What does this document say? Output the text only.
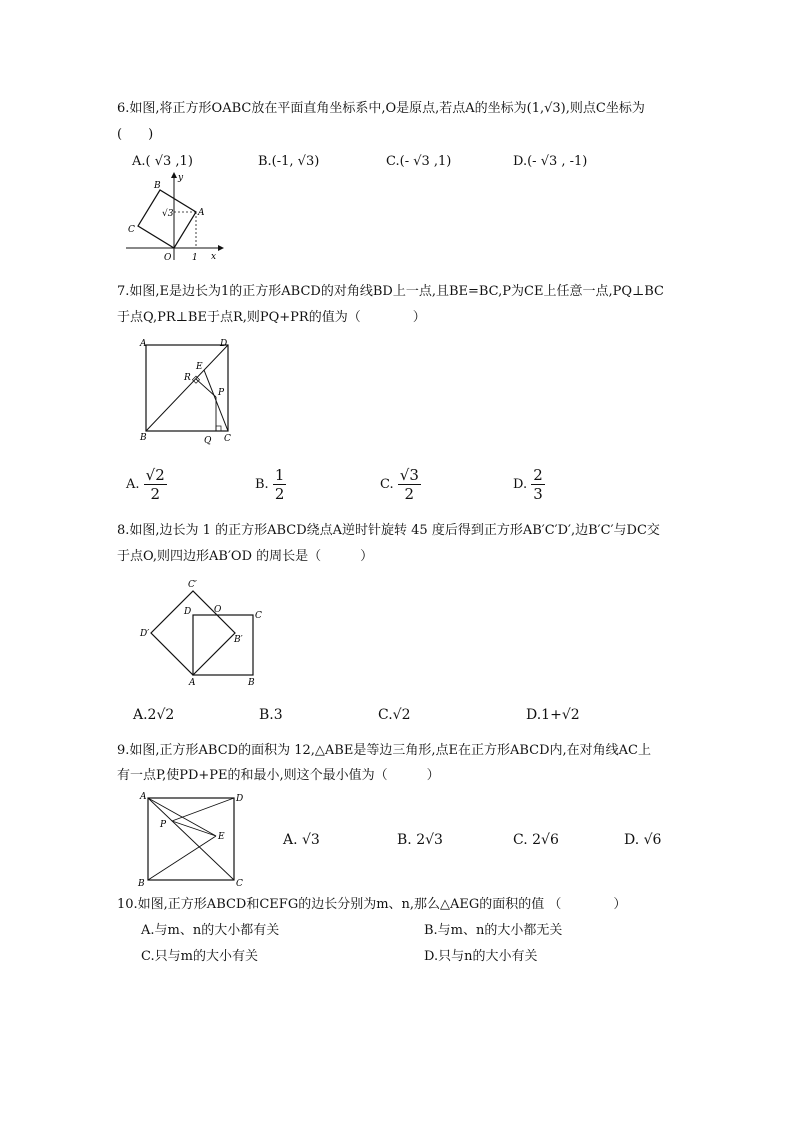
6.如图,将正方形OABC放在平面直角坐标系中,O是原点,若点A的坐标为(1,√3),则点C坐标为
(　　)
A.( √3 ,1)	B.(-1, √3)	C.(- √3 ,1)	D.(- √3 , -1)
B
A
C
O 1 x
y
√3
7.如图,E是边长为1的正方形ABCD的对角线BD上一点,且BE=BC,P为CE上任意一点,PQ⊥BC
于点Q,PR⊥BE于点R,则PQ+PR的值为（　　　　）
A	D
E
R
P
B	Q C
A. $\frac{√2}{2}$	B. $\frac{1}{2}$	C. $\frac{√3}{2}$	D. $\frac{2}{3}$
8.如图,边长为 1 的正方形ABCD绕点A逆时针旋转 45 度后得到正方形AB′C′D′,边B′C′与DC交
于点O,则四边形AB′OD 的周长是（　　　）
C′
D	O
C
D′
B′
A	B
A.2√2	B.3	C.√2	D.1+√2
9.如图,正方形ABCD的面积为 12,△ABE是等边三角形,点E在正方形ABCD内,在对角线AC上
有一点P,使PD+PE的和最小,则这个最小值为（　　　）
A	D
P
E
B	C
A. √3	B. 2√3	C. 2√6	D. √6
10.如图,正方形ABCD和CEFG的边长分别为m、n,那么△AEG的面积的值 （　　　　）
A.与m、n的大小都有关	B.与m、n的大小都无关
C.只与m的大小有关	D.只与n的大小有关
